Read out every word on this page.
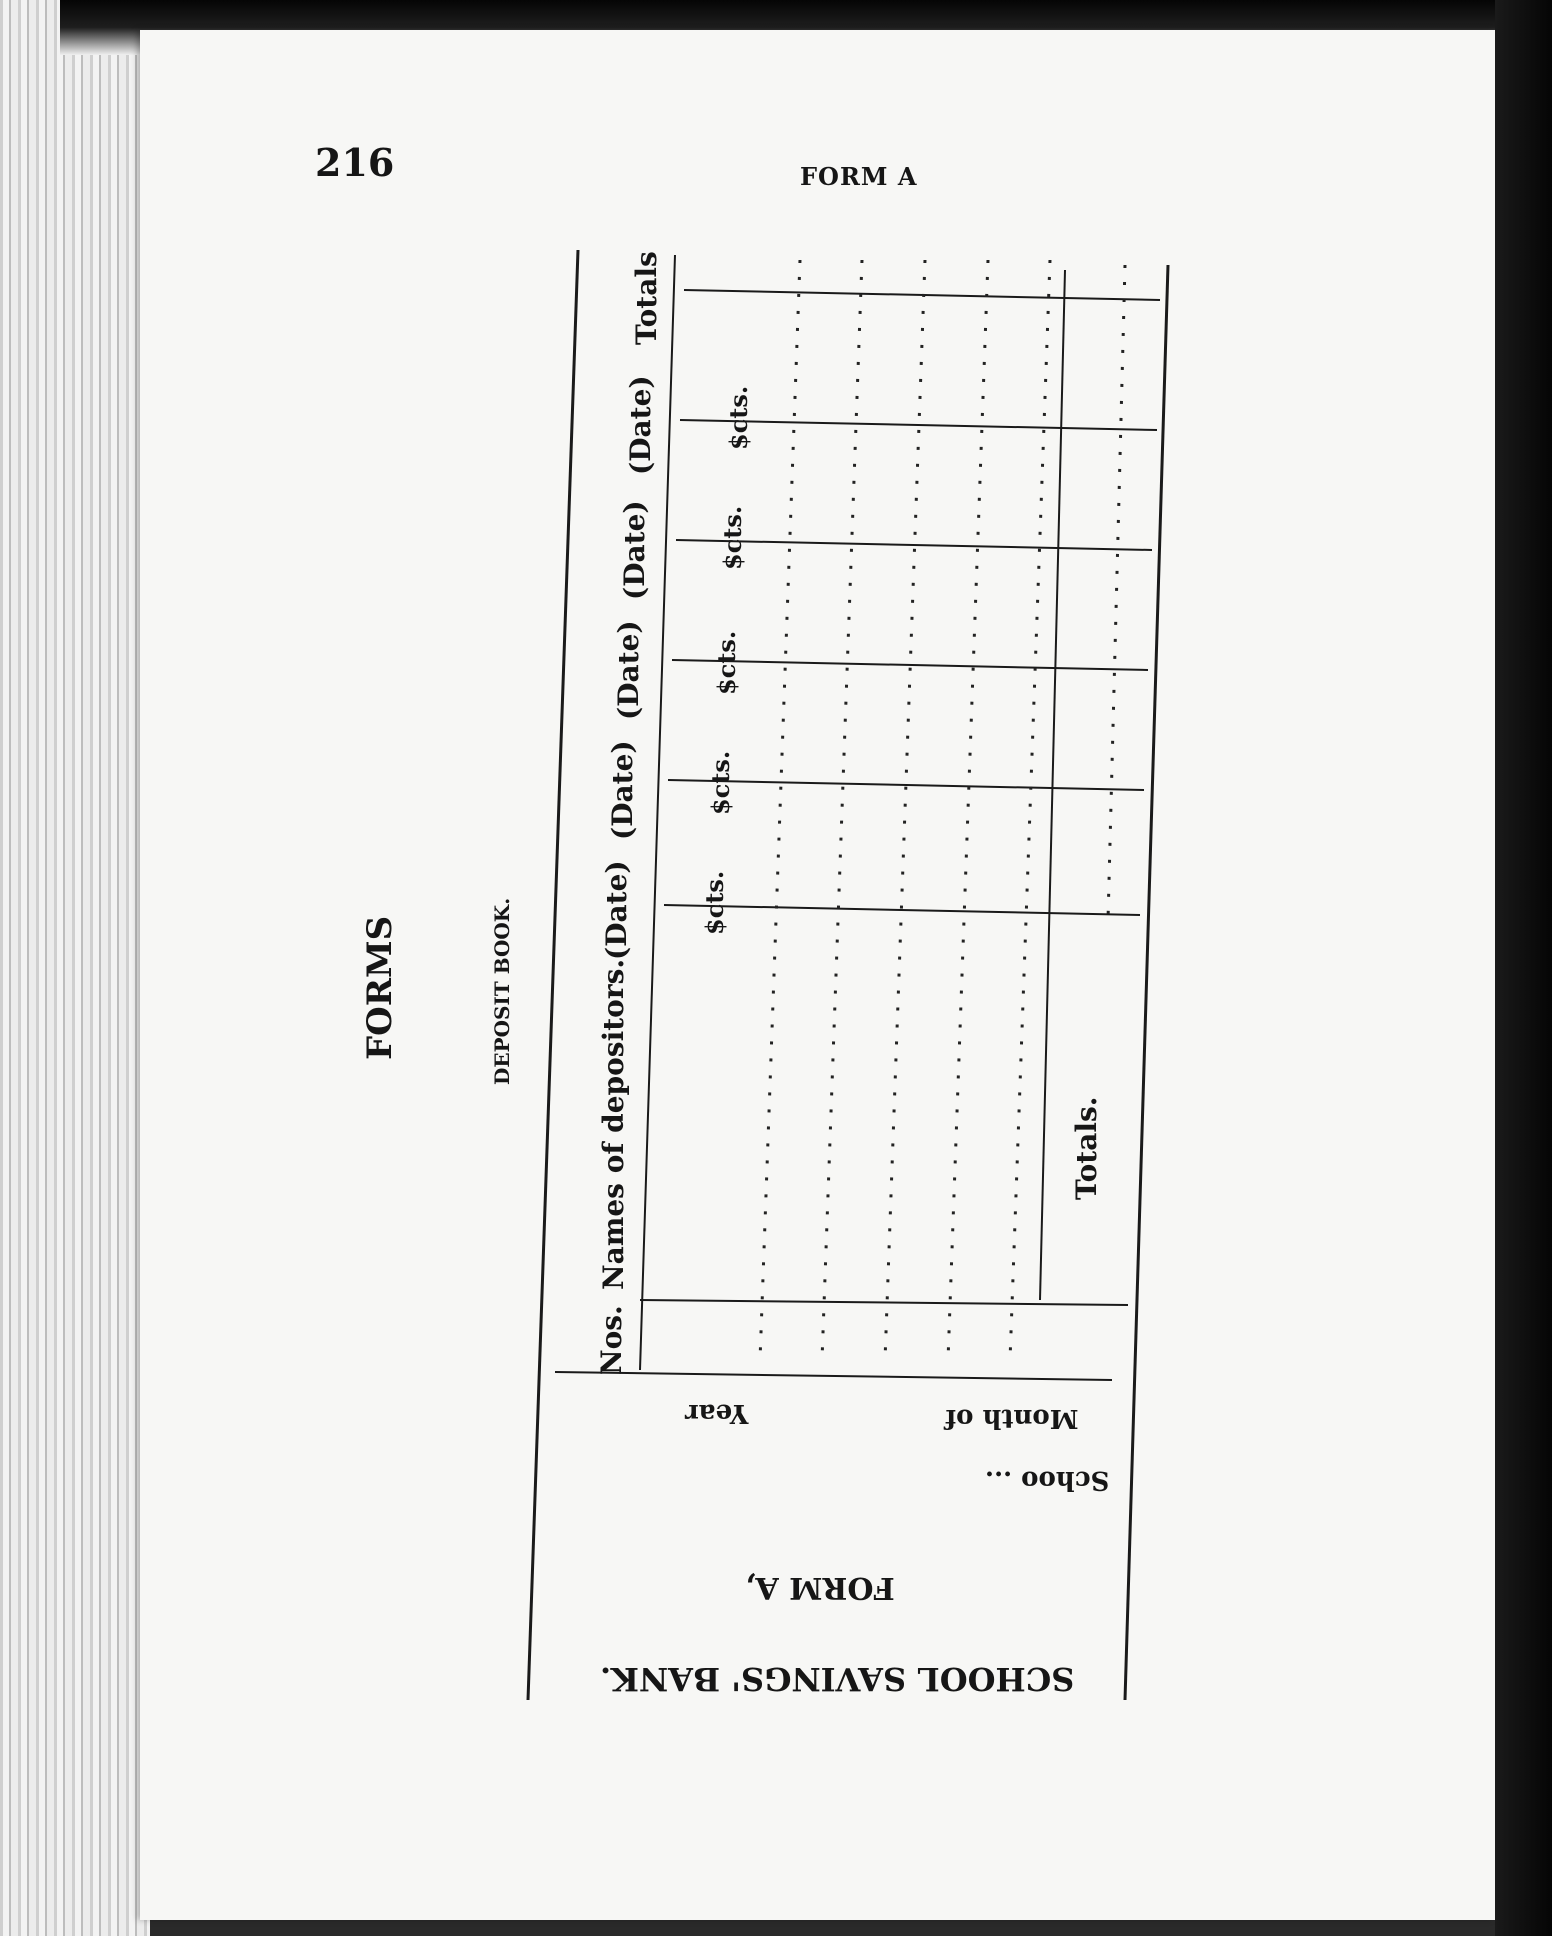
216	FORM A

FORMS	DEPOSIT BOOK.
SCHOOL SAVINGS' BANK.
FORM A,
Schoo ...
Month of
Year
Nos.
Names of depositors.
(Date)
(Date)
(Date)
(Date)
(Date)
Totals
$cts.
$cts.
$cts.
$cts.
$cts.
Totals.
